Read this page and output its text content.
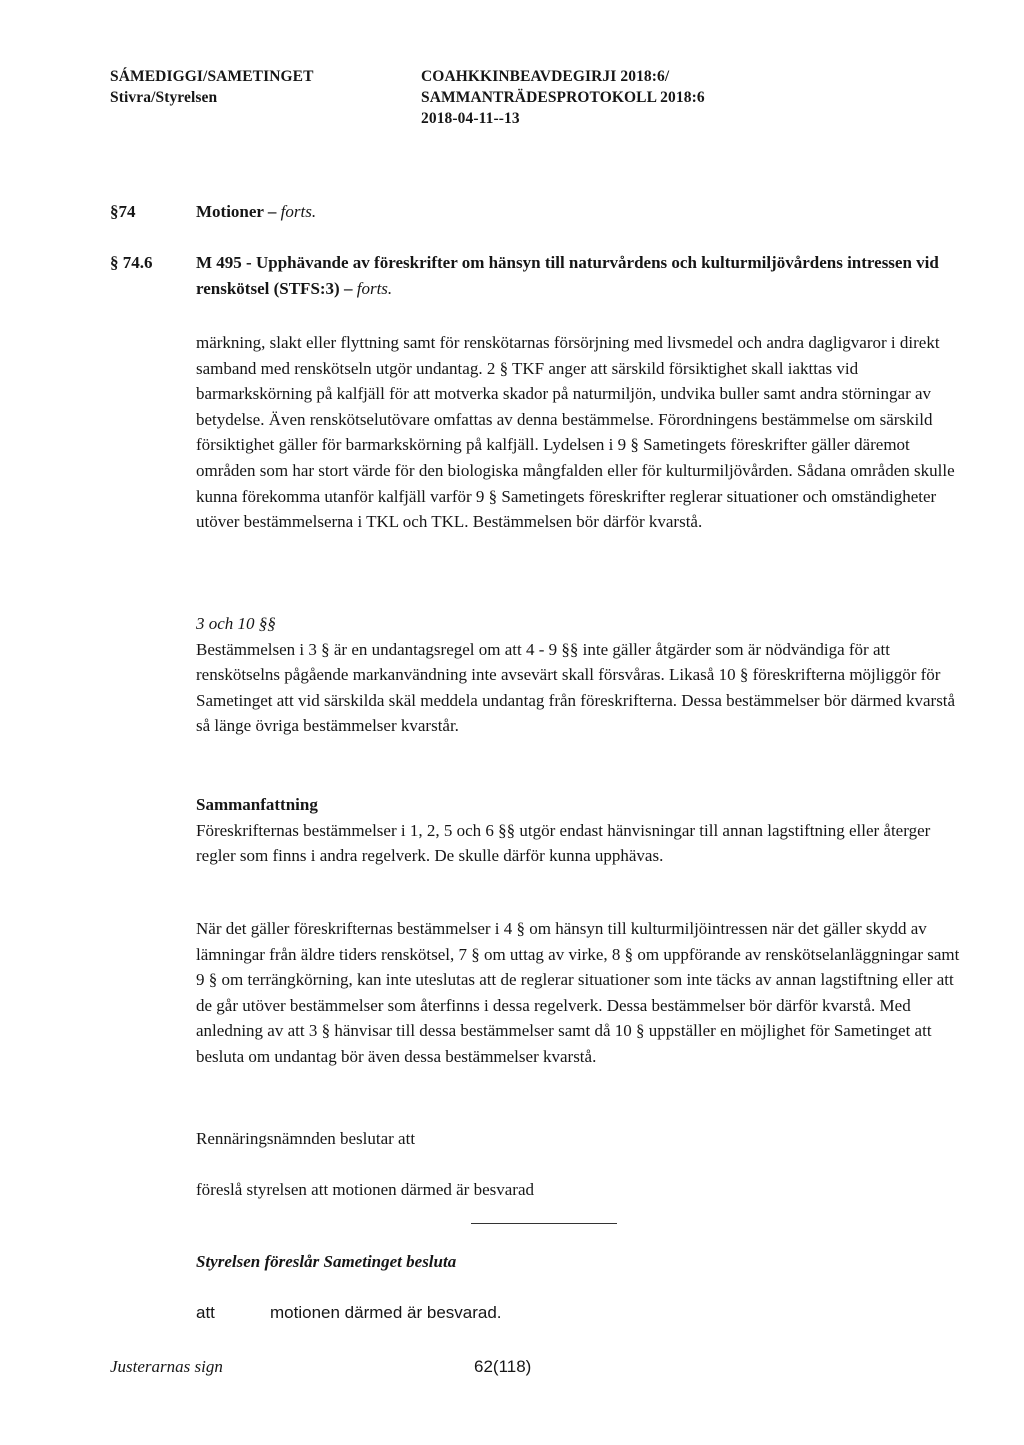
SÁMEDIGGI/SAMETINGET
Stivra/Styrelsen
COAHKKINBEAVDEGIRJI 2018:6/
SAMMANTRÄDESPROTOKOLL 2018:6
2018-04-11--13
§74	Motioner – forts.
§ 74.6	M 495 - Upphävande av föreskrifter om hänsyn till naturvårdens och kulturmiljövårdens intressen vid renskötsel (STFS:3) – forts.

märkning, slakt eller flyttning samt för renskötarnas försörjning med livsmedel och andra dagligvaror i direkt samband med renskötseln utgör undantag. 2 § TKF anger att särskild försiktighet skall iakttas vid barmarkskörning på kalfjäll för att motverka skador på naturmiljön, undvika buller samt andra störningar av betydelse. Även renskötselutövare omfattas av denna bestämmelse. Förordningens bestämmelse om särskild försiktighet gäller för barmarkskörning på kalfjäll. Lydelsen i 9 § Sametingets föreskrifter gäller däremot områden som har stort värde för den biologiska mångfalden eller för kulturmiljövården. Sådana områden skulle kunna förekomma utanför kalfjäll varför 9 § Sametingets föreskrifter reglerar situationer och omständigheter utöver bestämmelserna i TKL och TKL. Bestämmelsen bör därför kvarstå.

3 och 10 §§

Bestämmelsen i 3 § är en undantagsregel om att 4 - 9 §§ inte gäller åtgärder som är nödvändiga för att renskötselns pågående markanvändning inte avsevärt skall försvåras. Likaså 10 § föreskrifterna möjliggör för Sametinget att vid särskilda skäl meddela undantag från föreskrifterna. Dessa bestämmelser bör därmed kvarstå så länge övriga bestämmelser kvarstår.

Sammanfattning

Föreskrifternas bestämmelser i 1, 2, 5 och 6 §§ utgör endast hänvisningar till annan lagstiftning eller återger regler som finns i andra regelverk. De skulle därför kunna upphävas.

När det gäller föreskrifternas bestämmelser i 4 § om hänsyn till kulturmiljöintressen när det gäller skydd av lämningar från äldre tiders renskötsel, 7 § om uttag av virke, 8 § om uppförande av renskötselanläggningar samt 9 § om terrängkörning, kan inte uteslutas att de reglerar situationer som inte täcks av annan lagstiftning eller att de går utöver bestämmelser som återfinns i dessa regelverk. Dessa bestämmelser bör därför kvarstå. Med anledning av att 3 § hänvisar till dessa bestämmelser samt då 10 § uppställer en möjlighet för Sametinget att besluta om undantag bör även dessa bestämmelser kvarstå.

Rennäringsnämnden beslutar att

föreslå styrelsen att motionen därmed är besvarad

Styrelsen föreslår Sametinget besluta
att	motionen därmed är besvarad.
Justerarnas sign	62(118)
